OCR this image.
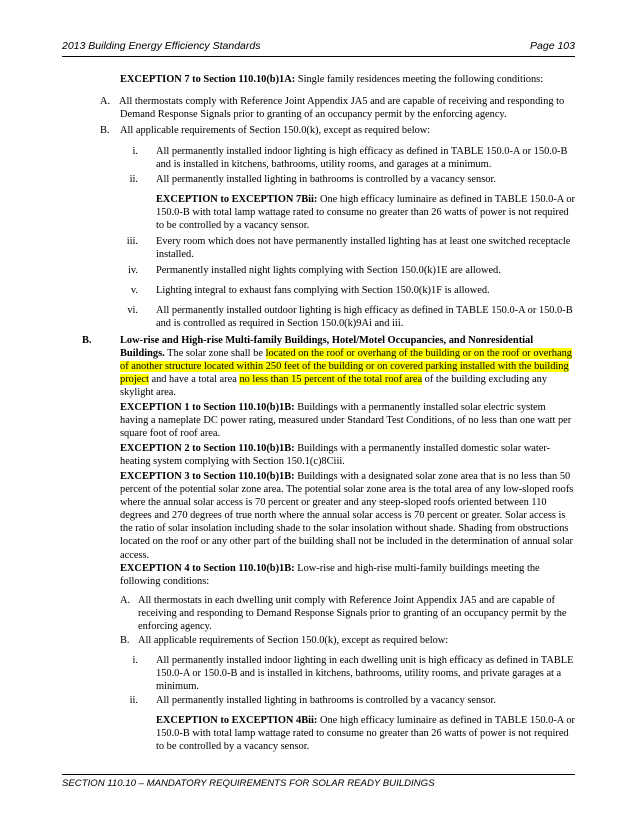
2013 Building Energy Efficiency Standards	Page 103
EXCEPTION 7 to Section 110.10(b)1A: Single family residences meeting the following conditions:
A. All thermostats comply with Reference Joint Appendix JA5 and are capable of receiving and responding to Demand Response Signals prior to granting of an occupancy permit by the enforcing agency.
B.	All applicable requirements of Section 150.0(k), except as required below:
i. All permanently installed indoor lighting is high efficacy as defined in TABLE 150.0-A or 150.0-B and is installed in kitchens, bathrooms, utility rooms, and garages at a minimum.
ii. All permanently installed lighting in bathrooms is controlled by a vacancy sensor.
EXCEPTION to EXCEPTION 7Bii: One high efficacy luminaire as defined in TABLE 150.0-A or 150.0-B with total lamp wattage rated to consume no greater than 26 watts of power is not required to be controlled by a vacancy sensor.
iii. Every room which does not have permanently installed lighting has at least one switched receptacle installed.
iv. Permanently installed night lights complying with Section 150.0(k)1E are allowed.
v. Lighting integral to exhaust fans complying with Section 150.0(k)1F is allowed.
vi. All permanently installed outdoor lighting is high efficacy as defined in TABLE 150.0-A or 150.0-B and is controlled as required in Section 150.0(k)9Ai and iii.
B.	Low-rise and High-rise Multi-family Buildings, Hotel/Motel Occupancies, and Nonresidential Buildings. The solar zone shall be located on the roof or overhang of the building or on the roof or overhang of another structure located within 250 feet of the building or on covered parking installed with the building project and have a total area no less than 15 percent of the total roof area of the building excluding any skylight area.
EXCEPTION 1 to Section 110.10(b)1B: Buildings with a permanently installed solar electric system having a nameplate DC power rating, measured under Standard Test Conditions, of no less than one watt per square foot of roof area.
EXCEPTION 2 to Section 110.10(b)1B: Buildings with a permanently installed domestic solar water-heating system complying with Section 150.1(c)8Ciii.
EXCEPTION 3 to Section 110.10(b)1B: Buildings with a designated solar zone area that is no less than 50 percent of the potential solar zone area. The potential solar zone area is the total area of any low-sloped roofs where the annual solar access is 70 percent or greater and any steep-sloped roofs oriented between 110 degrees and 270 degrees of true north where the annual solar access is 70 percent or greater. Solar access is the ratio of solar insolation including shade to the solar insolation without shade. Shading from obstructions located on the roof or any other part of the building shall not be included in the determination of annual solar access.
EXCEPTION 4 to Section 110.10(b)1B: Low-rise and high-rise multi-family buildings meeting the following conditions:
A. All thermostats in each dwelling unit comply with Reference Joint Appendix JA5 and are capable of receiving and responding to Demand Response Signals prior to granting of an occupancy permit by the enforcing agency.
B. All applicable requirements of Section 150.0(k), except as required below:
i. All permanently installed indoor lighting in each dwelling unit is high efficacy as defined in TABLE 150.0-A or 150.0-B and is installed in kitchens, bathrooms, utility rooms, and private garages at a minimum.
ii. All permanently installed lighting in bathrooms is controlled by a vacancy sensor.
EXCEPTION to EXCEPTION 4Bii: One high efficacy luminaire as defined in TABLE 150.0-A or 150.0-B with total lamp wattage rated to consume no greater than 26 watts of power is not required to be controlled by a vacancy sensor.
SECTION 110.10 – MANDATORY REQUIREMENTS FOR SOLAR READY BUILDINGS
